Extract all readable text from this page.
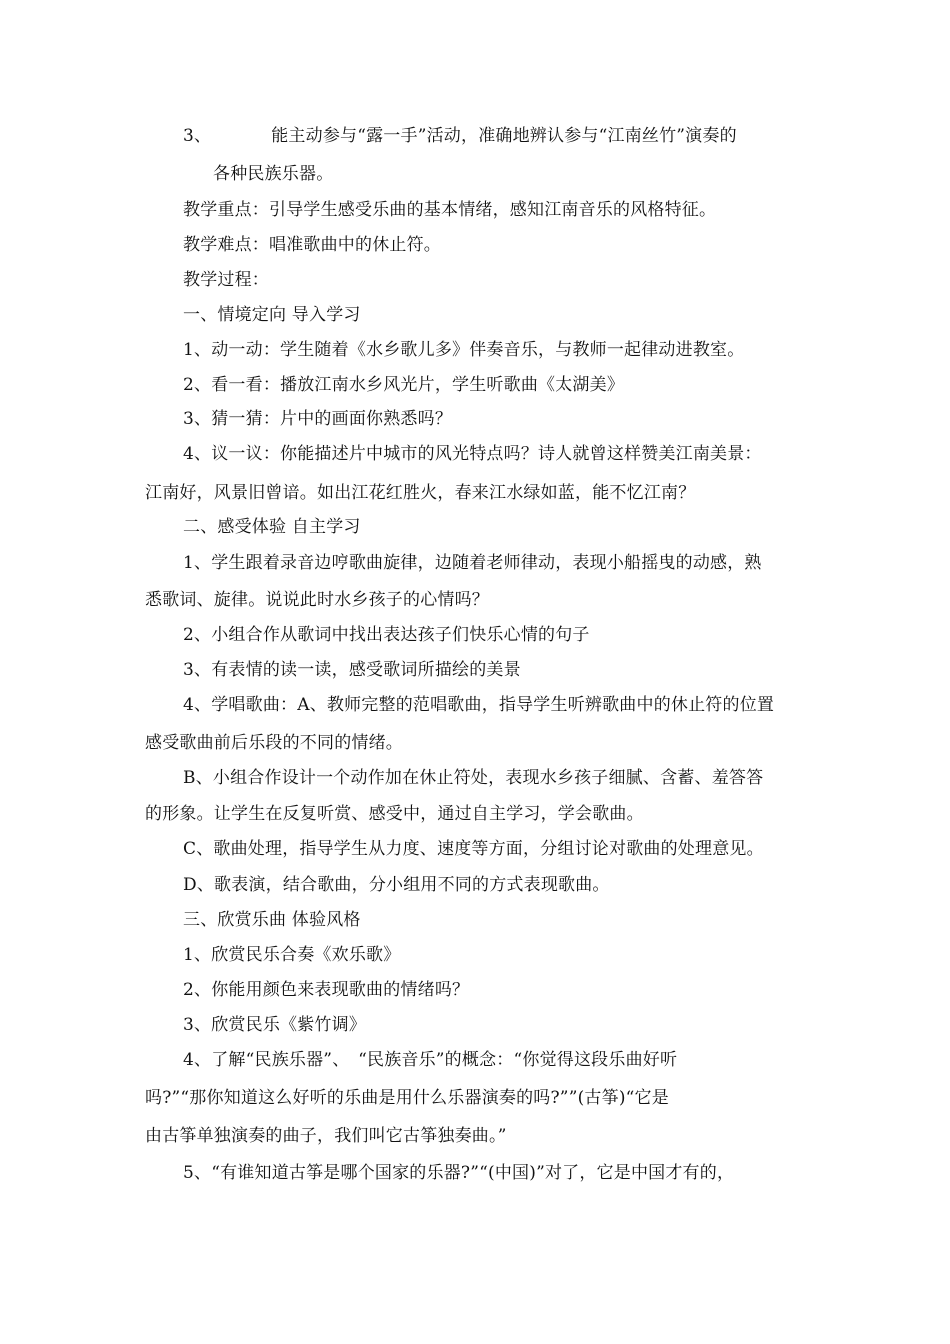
3、	能主动参与“露一手”活动，准确地辨认参与“江南丝竹”演奏的
各种民族乐器。
教学重点：引导学生感受乐曲的基本情绪，感知江南音乐的风格特征。
教学难点：唱准歌曲中的休止符。
教学过程：
一、情境定向 导入学习
1、动一动：学生随着《水乡歌儿多》伴奏音乐，与教师一起律动进教室。
2、看一看：播放江南水乡风光片，学生听歌曲《太湖美》
3、猜一猜：片中的画面你熟悉吗？
4、议一议：你能描述片中城市的风光特点吗？诗人就曾这样赞美江南美景：
江南好，风景旧曾谙。如出江花红胜火，春来江水绿如蓝，能不忆江南？
二、感受体验 自主学习
1、学生跟着录音边哼歌曲旋律，边随着老师律动，表现小船摇曳的动感，熟
悉歌词、旋律。说说此时水乡孩子的心情吗？
2、小组合作从歌词中找出表达孩子们快乐心情的句子
3、有表情的读一读，感受歌词所描绘的美景
4、学唱歌曲：A、教师完整的范唱歌曲，指导学生听辨歌曲中的休止符的位置
感受歌曲前后乐段的不同的情绪。
B、小组合作设计一个动作加在休止符处，表现水乡孩子细腻、含蓄、羞答答
的形象。让学生在反复听赏、感受中，通过自主学习，学会歌曲。
C、歌曲处理，指导学生从力度、速度等方面，分组讨论对歌曲的处理意见。
D、歌表演，结合歌曲，分小组用不同的方式表现歌曲。
三、欣赏乐曲 体验风格
1、欣赏民乐合奏《欢乐歌》
2、你能用颜色来表现歌曲的情绪吗？
3、欣赏民乐《紫竹调》
4、了解“民族乐器”、　“民族音乐”的概念：“你觉得这段乐曲好听
吗?”“那你知道这么好听的乐曲是用什么乐器演奏的吗?””(古筝)“它是
由古筝单独演奏的曲子，我们叫它古筝独奏曲。”
5、“有谁知道古筝是哪个国家的乐器?”“(中国)”对了，它是中国才有的，
